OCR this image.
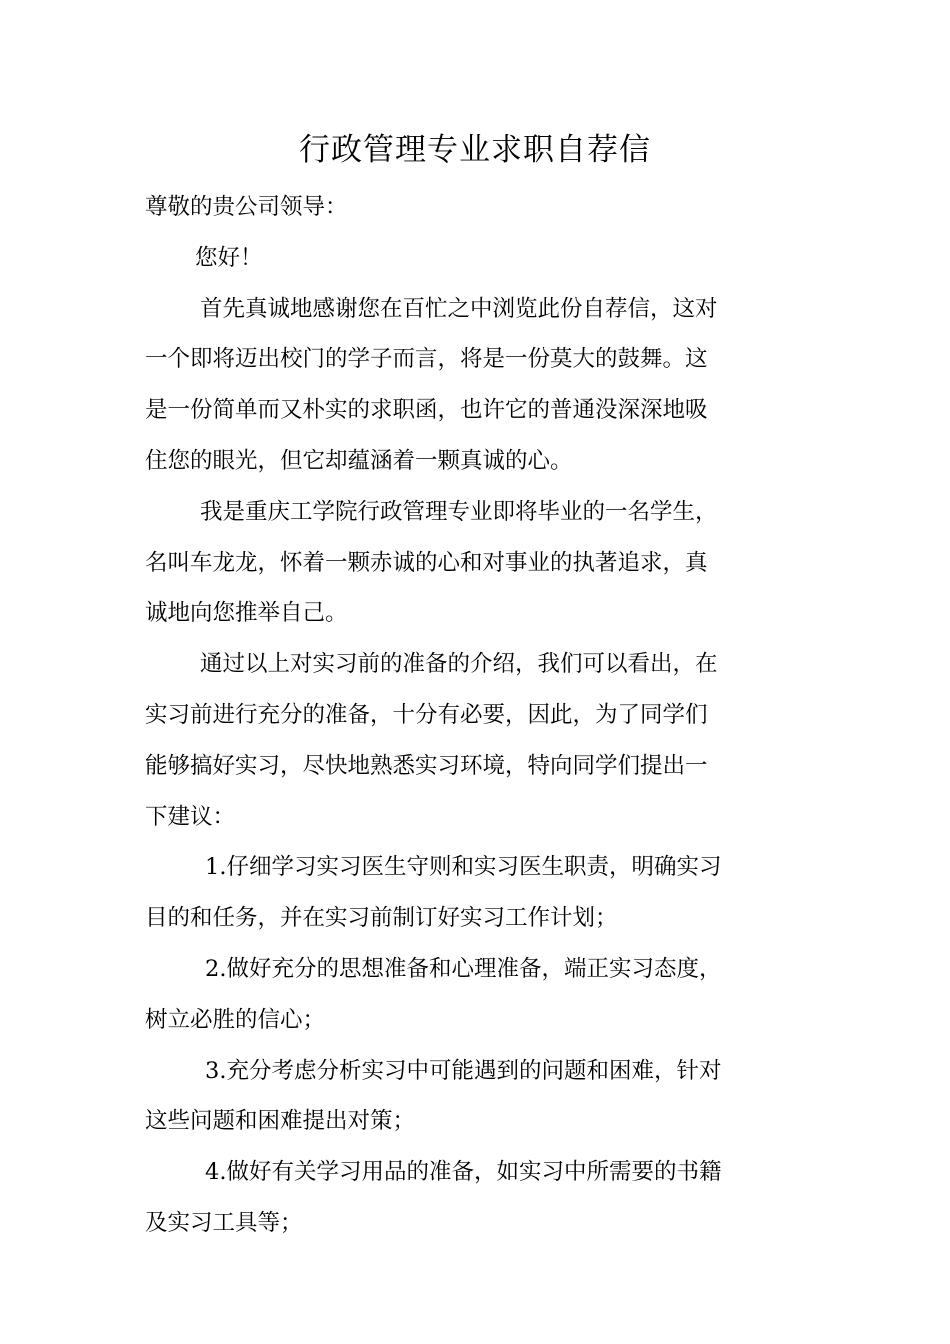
行政管理专业求职自荐信

尊敬的贵公司领导：

您好！

首先真诚地感谢您在百忙之中浏览此份自荐信，这对

一个即将迈出校门的学子而言，将是一份莫大的鼓舞。这

是一份简单而又朴实的求职函，也许它的普通没深深地吸

住您的眼光，但它却蕴涵着一颗真诚的心。

我是重庆工学院行政管理专业即将毕业的一名学生，

名叫车龙龙，怀着一颗赤诚的心和对事业的执著追求，真

诚地向您推举自己。

通过以上对实习前的准备的介绍，我们可以看出，在

实习前进行充分的准备，十分有必要，因此，为了同学们

能够搞好实习，尽快地熟悉实习环境，特向同学们提出一

下建议：

1.仔细学习实习医生守则和实习医生职责，明确实习

目的和任务，并在实习前制订好实习工作计划；

2.做好充分的思想准备和心理准备，端正实习态度，

树立必胜的信心；

3.充分考虑分析实习中可能遇到的问题和困难，针对

这些问题和困难提出对策；

4.做好有关学习用品的准备，如实习中所需要的书籍

及实习工具等；
